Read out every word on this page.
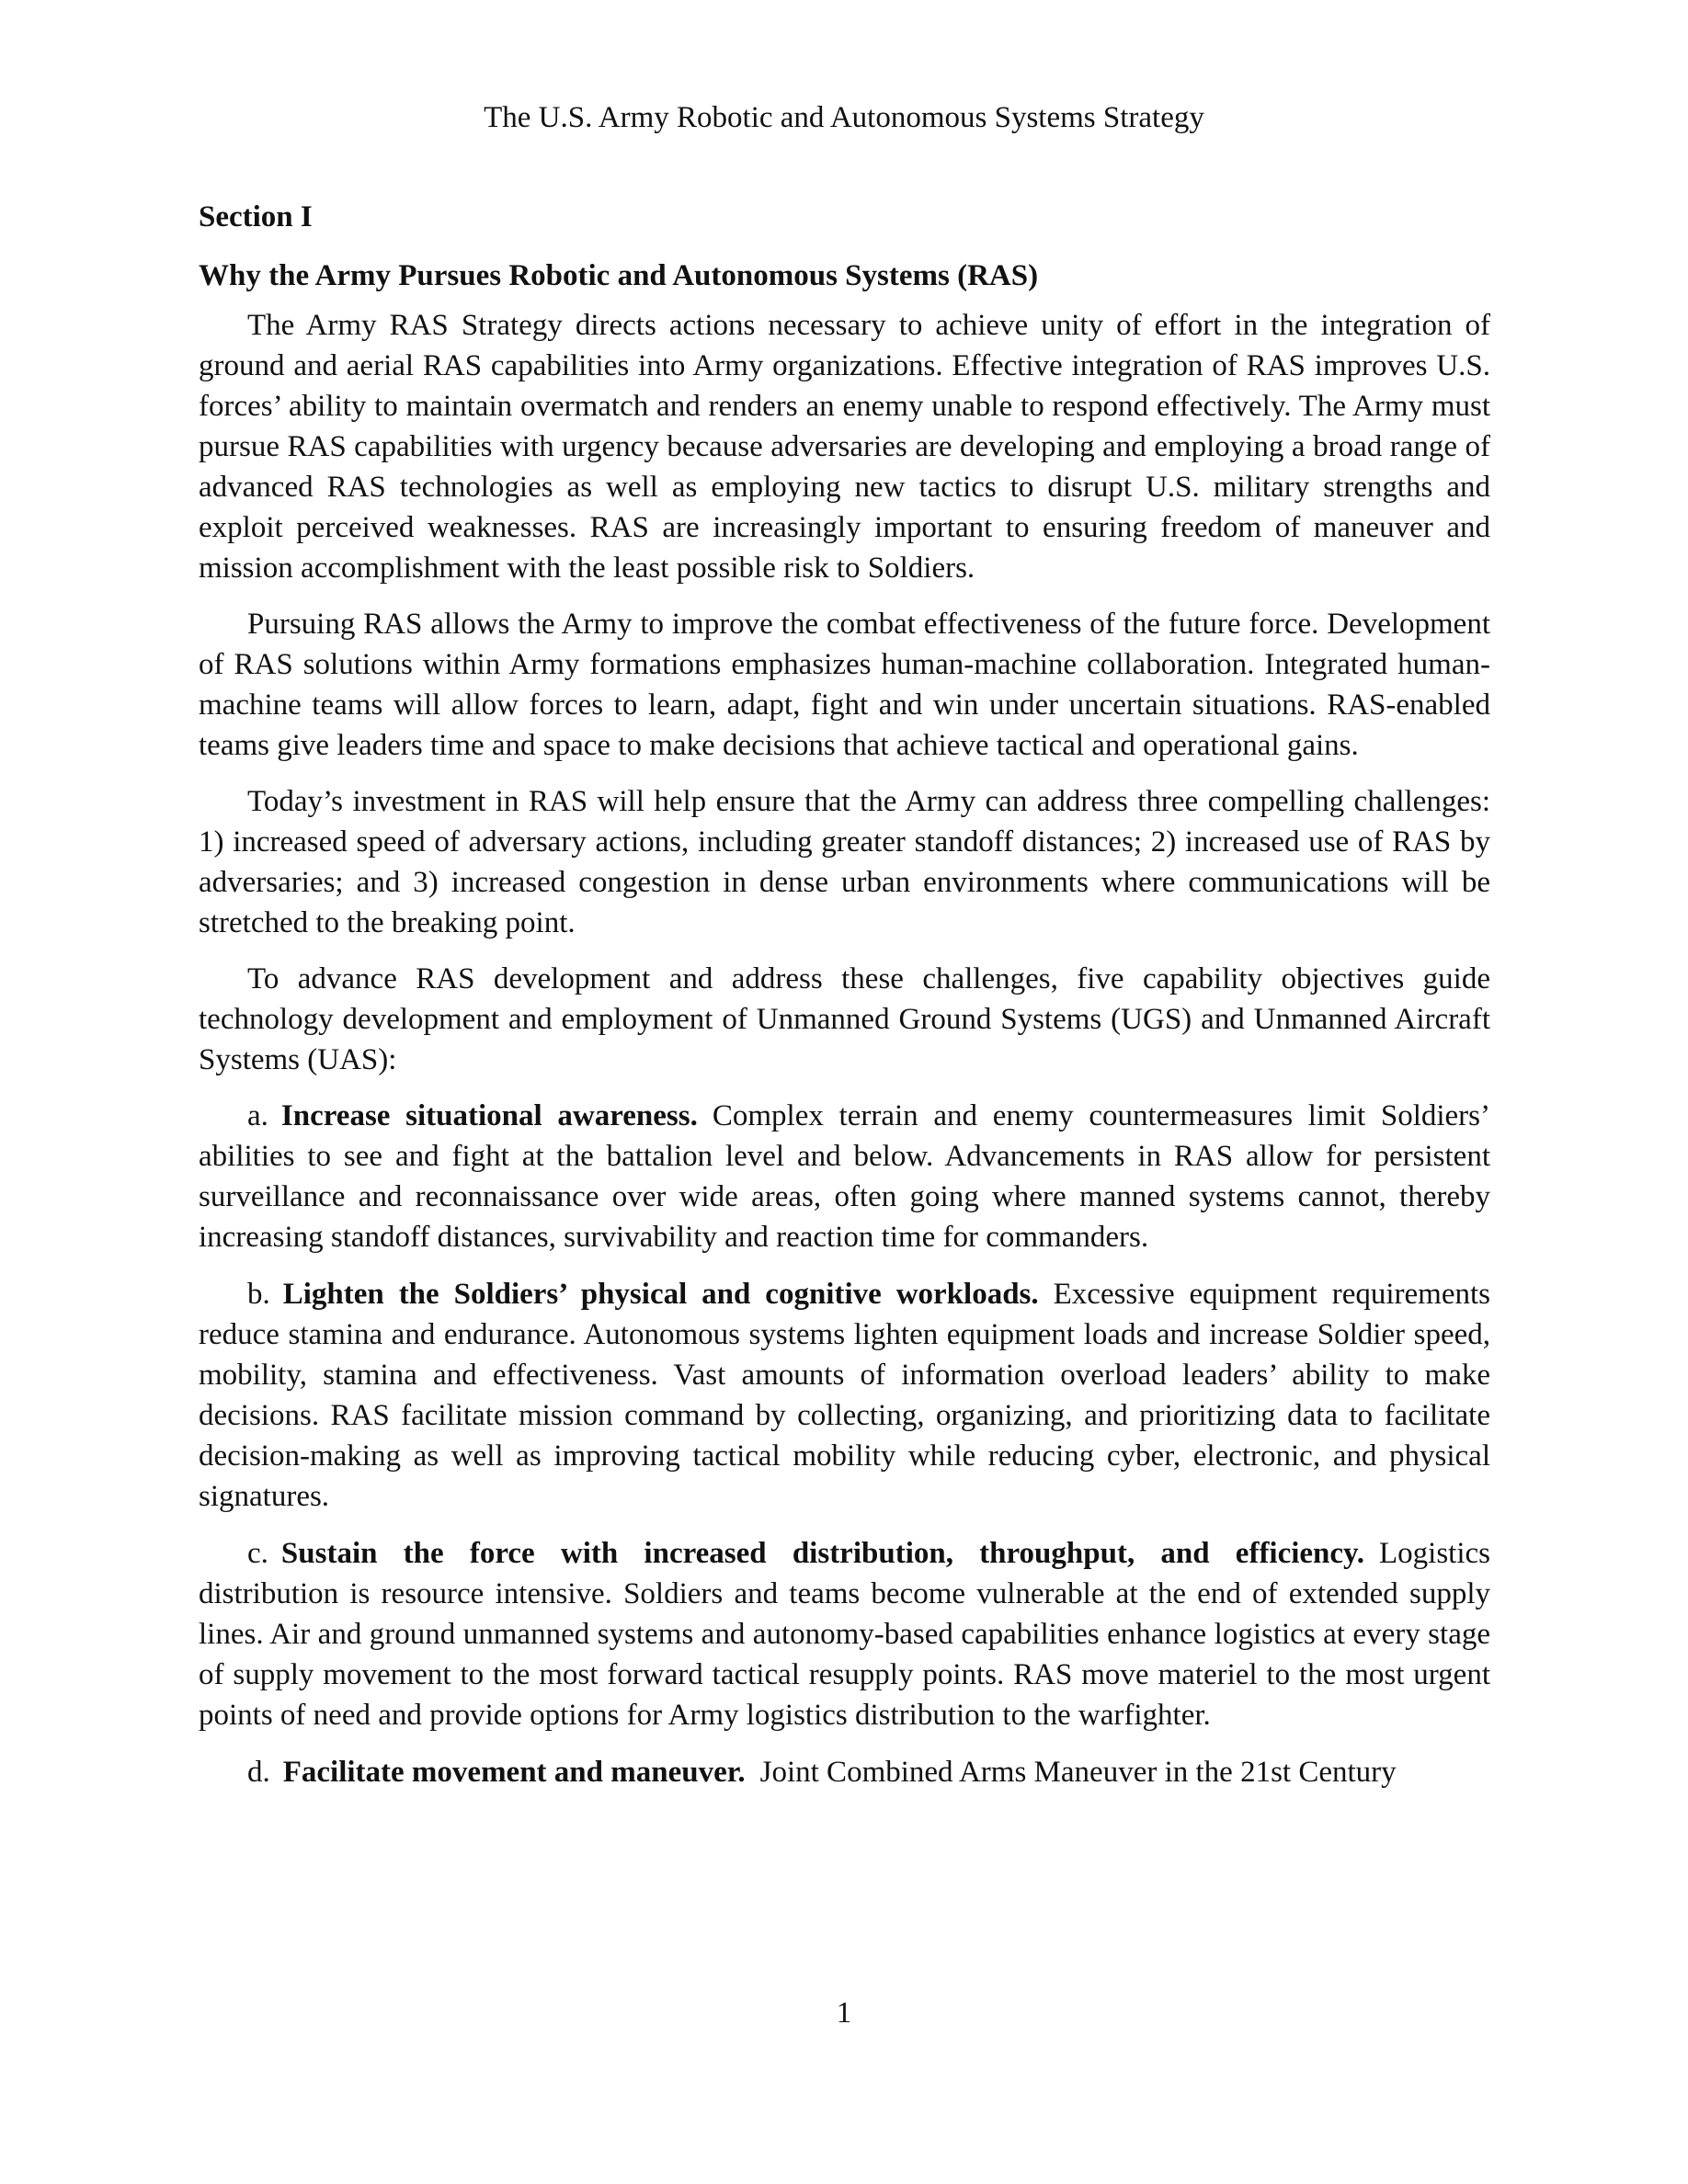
The U.S. Army Robotic and Autonomous Systems Strategy
Section I
Why the Army Pursues Robotic and Autonomous Systems (RAS)

The Army RAS Strategy directs actions necessary to achieve unity of effort in the integration of ground and aerial RAS capabilities into Army organizations. Effective integration of RAS improves U.S. forces’ ability to maintain overmatch and renders an enemy unable to respond effectively. The Army must pursue RAS capabilities with urgency because adversaries are developing and employing a broad range of advanced RAS technologies as well as employing new tactics to disrupt U.S. military strengths and exploit perceived weaknesses. RAS are increasingly important to ensuring freedom of maneuver and mission accomplishment with the least possible risk to Soldiers.

Pursuing RAS allows the Army to improve the combat effectiveness of the future force. Development of RAS solutions within Army formations emphasizes human-machine collaboration. Integrated human-machine teams will allow forces to learn, adapt, fight and win under uncertain situations. RAS-enabled teams give leaders time and space to make decisions that achieve tactical and operational gains.

Today’s investment in RAS will help ensure that the Army can address three compelling challenges: 1) increased speed of adversary actions, including greater standoff distances; 2) increased use of RAS by adversaries; and 3) increased congestion in dense urban environments where communications will be stretched to the breaking point.

To advance RAS development and address these challenges, five capability objectives guide technology development and employment of Unmanned Ground Systems (UGS) and Unmanned Aircraft Systems (UAS):

a. Increase situational awareness. Complex terrain and enemy countermeasures limit Soldiers’ abilities to see and fight at the battalion level and below. Advancements in RAS allow for persistent surveillance and reconnaissance over wide areas, often going where manned systems cannot, thereby increasing standoff distances, survivability and reaction time for commanders.

b. Lighten the Soldiers’ physical and cognitive workloads. Excessive equipment requirements reduce stamina and endurance. Autonomous systems lighten equipment loads and increase Soldier speed, mobility, stamina and effectiveness. Vast amounts of information overload leaders’ ability to make decisions. RAS facilitate mission command by collecting, organizing, and prioritizing data to facilitate decision-making as well as improving tactical mobility while reducing cyber, electronic, and physical signatures.

c. Sustain the force with increased distribution, throughput, and efficiency. Logistics distribution is resource intensive. Soldiers and teams become vulnerable at the end of extended supply lines. Air and ground unmanned systems and autonomy-based capabilities enhance logistics at every stage of supply movement to the most forward tactical resupply points. RAS move materiel to the most urgent points of need and provide options for Army logistics distribution to the warfighter.

d. Facilitate movement and maneuver. Joint Combined Arms Maneuver in the 21st Century

1
